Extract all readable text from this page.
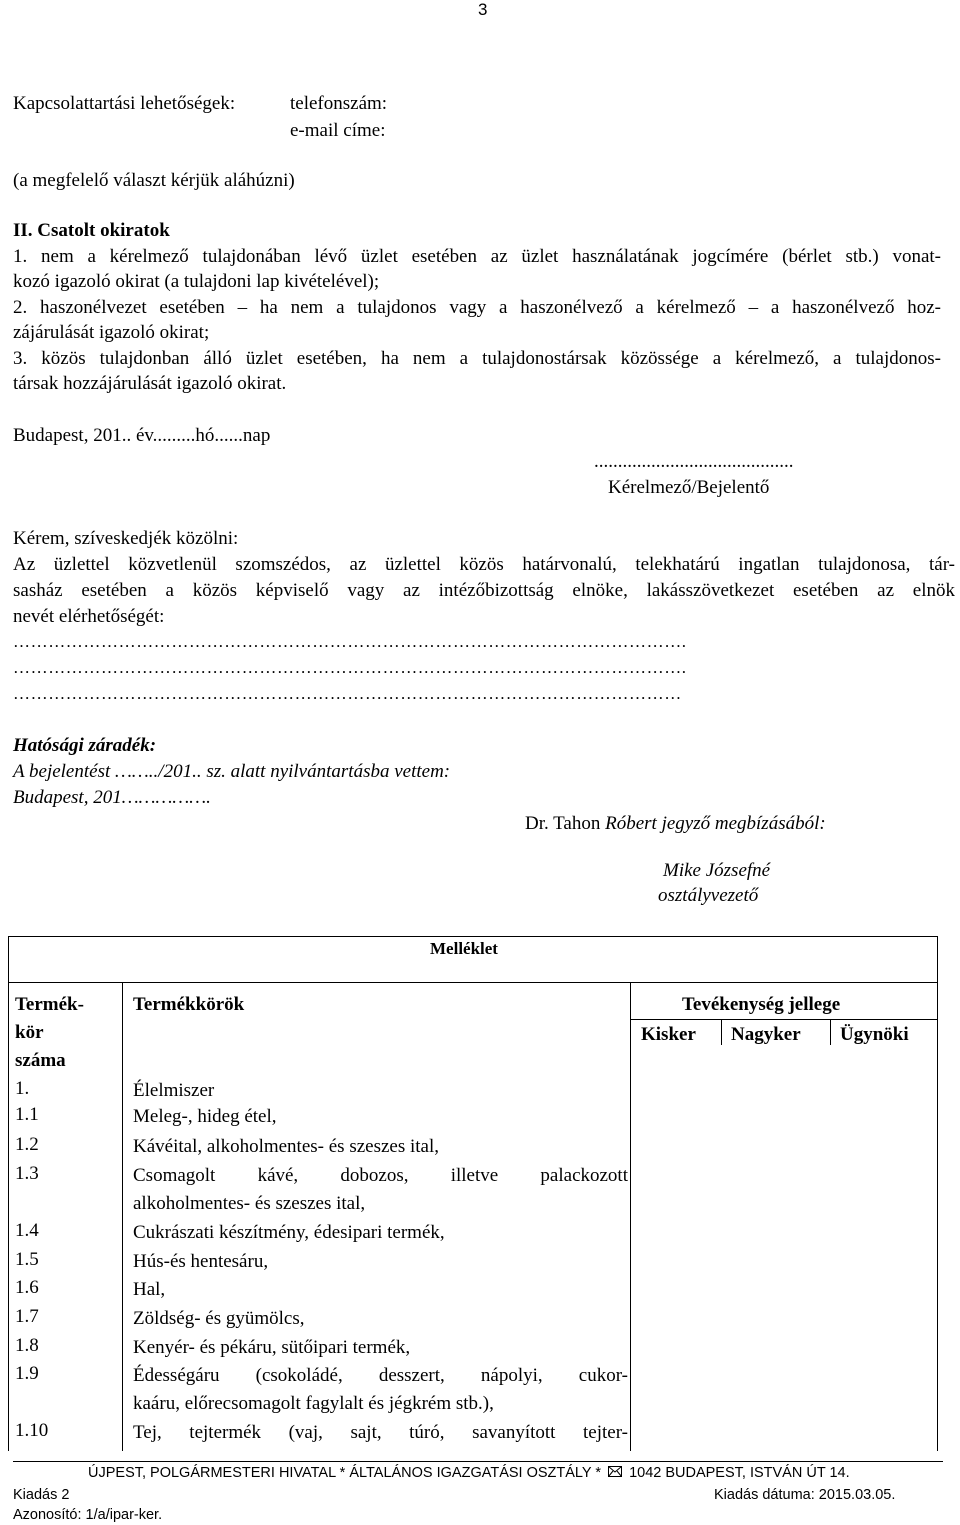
3
Kapcsolattartási lehetőségek:	telefonszám:
e-mail címe:
(a megfelelő választ kérjük aláhúzni)
II. Csatolt okiratok
1. nem a kérelmező tulajdonában lévő üzlet esetében az üzlet használatának jogcímére (bérlet stb.) vonat-
kozó igazoló okirat (a tulajdoni lap kivételével);
2. haszonélvezet esetében – ha nem a tulajdonos vagy a haszonélvező a kérelmező – a haszonélvező hoz-
zájárulását igazoló okirat;
3. közös tulajdonban álló üzlet esetében, ha nem a tulajdonostársak közössége a kérelmező, a tulajdonos-
társak hozzájárulását igazoló okirat.
Budapest, 201.. év.........hó......nap
..........................................
Kérelmező/Bejelentő
Kérem, szíveskedjék közölni:
Az üzlettel közvetlenül szomszédos, az üzlettel közös határvonalú, telekhatárú ingatlan tulajdonosa, tár-
sasház esetében a közös képviselő vagy az intézőbizottság elnöke, lakásszövetkezet esetében az elnök
nevét elérhetőségét:
…………………………………………………………………………………………………….
…………………………………………………………………………………………………….
……………………………………………………………………………………………………
Hatósági záradék:
A bejelentést ……../201.. sz. alatt nyilvántartásba vettem:
Budapest, 201…………….
Dr. Tahon Róbert jegyző megbízásából:
Mike Józsefné
osztályvezető
Melléklet
Termék-
kör
száma
Termékkörök	Tevékenység jellege
Kisker Nagyker Ügynöki
1.	Élelmiszer
1.1	Meleg-, hideg étel,
1.2	Kávéital, alkoholmentes- és szeszes ital,
1.3	Csomagolt kávé, dobozos, illetve palackozott
alkoholmentes- és szeszes ital,
1.4	Cukrászati készítmény, édesipari termék,
1.5	Hús-és hentesáru,
1.6	Hal,
1.7	Zöldség- és gyümölcs,
1.8	Kenyér- és pékáru, sütőipari termék,
1.9	Édességáru (csokoládé, desszert, nápolyi, cukor-
kaáru, előrecsomagolt fagylalt és jégkrém stb.),
1.10	Tej, tejtermék (vaj, sajt, túró, savanyított tejter-
ÚJPEST, POLGÁRMESTERI HIVATAL * ÁLTALÁNOS IGAZGATÁSI OSZTÁLY * 1042 BUDAPEST, ISTVÁN ÚT 14.
Kiadás 2	Kiadás dátuma: 2015.03.05.
Azonosító: 1/a/ipar-ker.
